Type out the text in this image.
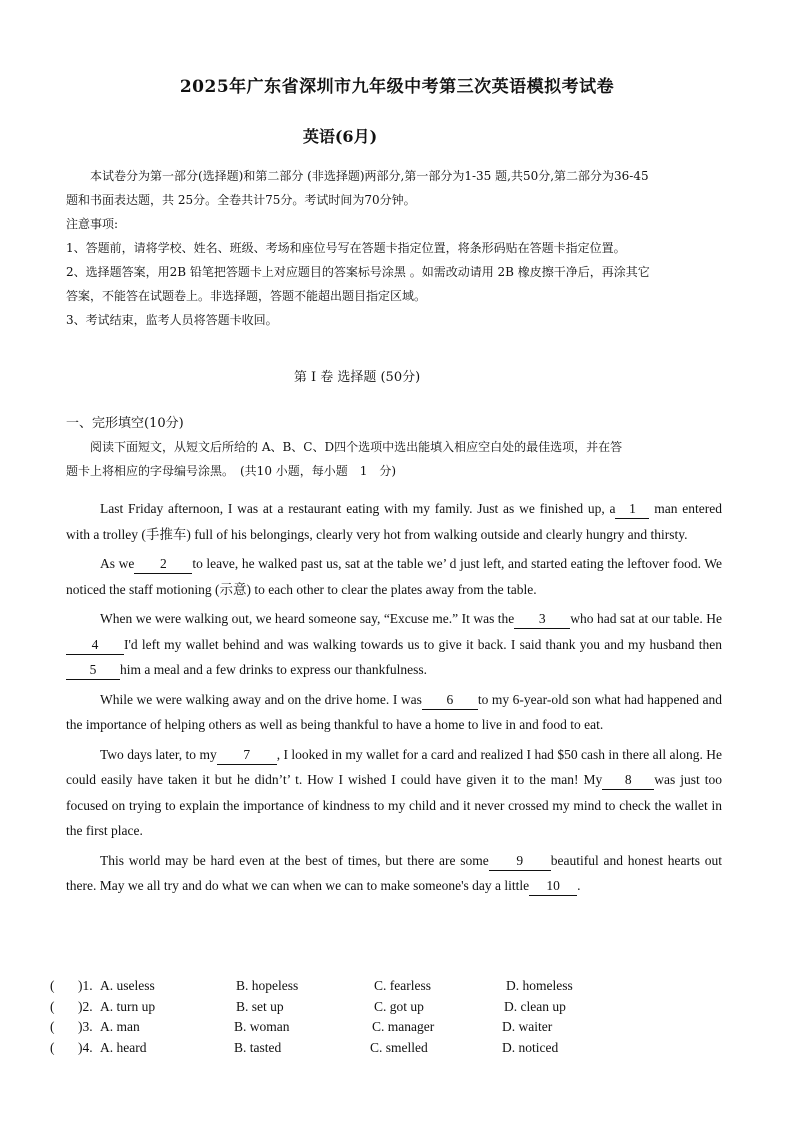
2025年广东省深圳市九年级中考第三次英语模拟考试卷
英语(6月)
本试卷分为第一部分(选择题)和第二部分 (非选择题)两部分,第一部分为1-35 题,共50分,第二部分为36-45
题和书面表达题，共 25分。全卷共计75分。考试时间为70分钟。
注意事项:
1、答题前，请将学校、姓名、班级、考场和座位号写在答题卡指定位置，将条形码贴在答题卡指定位置。
2、选择题答案，用2B 铅笔把答题卡上对应题目的答案标号涂黑 。如需改动请用 2B 橡皮擦干净后，再涂其它
答案，不能答在试题卷上。非选择题，答题不能超出题目指定区域。
3、考试结束，监考人员将答题卡收回。
第 I 卷 选择题 (50分)
一、完形填空(10分)
阅读下面短文，从短文后所给的 A、B、C、D四个选项中选出能填入相应空白处的最佳选项，并在答
题卡上将相应的字母编号涂黑。　(共10 小题，每小题　1　分)

Last Friday afternoon, I was at a restaurant eating with my family. Just as we finished up, a 1 man entered with a trolley (手推车) full of his belongings, clearly very hot from walking outside and clearly hungry and thirsty.

As we 2 to leave, he walked past us, sat at the table we’ d just left, and started eating the leftover food. We noticed the staff motioning (示意) to each other to clear the plates away from the table.

When we were walking out, we heard someone say, “Excuse me.” It was the 3 who had sat at our table. He4 I'd left my wallet behind and was walking towards us to give it back. I said thank you and my husband then5 him a meal and a few drinks to express our thankfulness.

While we were walking away and on the drive home. I was 6 to my 6-year-old son what had happened and the importance of helping others as well as being thankful to have a home to live in and food to eat.

Two days later, to my 7 , I looked in my wallet for a card and realized I had $50 cash in there all along. He could easily have taken it but he didn’t’ t. How I wished I could have given it to the man! My 8 was just too focused on trying to explain the importance of kindness to my child and it never crossed my mind to check the wallet in the first place.

This world may be hard even at the best of times, but there are some 9 beautiful and honest hearts out there. May we all try and do what we can when we can to make someone's day a little 10 .

( )1. A. useless	B. hopeless	C. fearless	D. homeless
( )2. A. turn up	B. set up	C. got up	D. clean up
( )3. A. man	B. woman	C. manager	D. waiter
( )4. A. heard	B. tasted	C. smelled	D. noticed
